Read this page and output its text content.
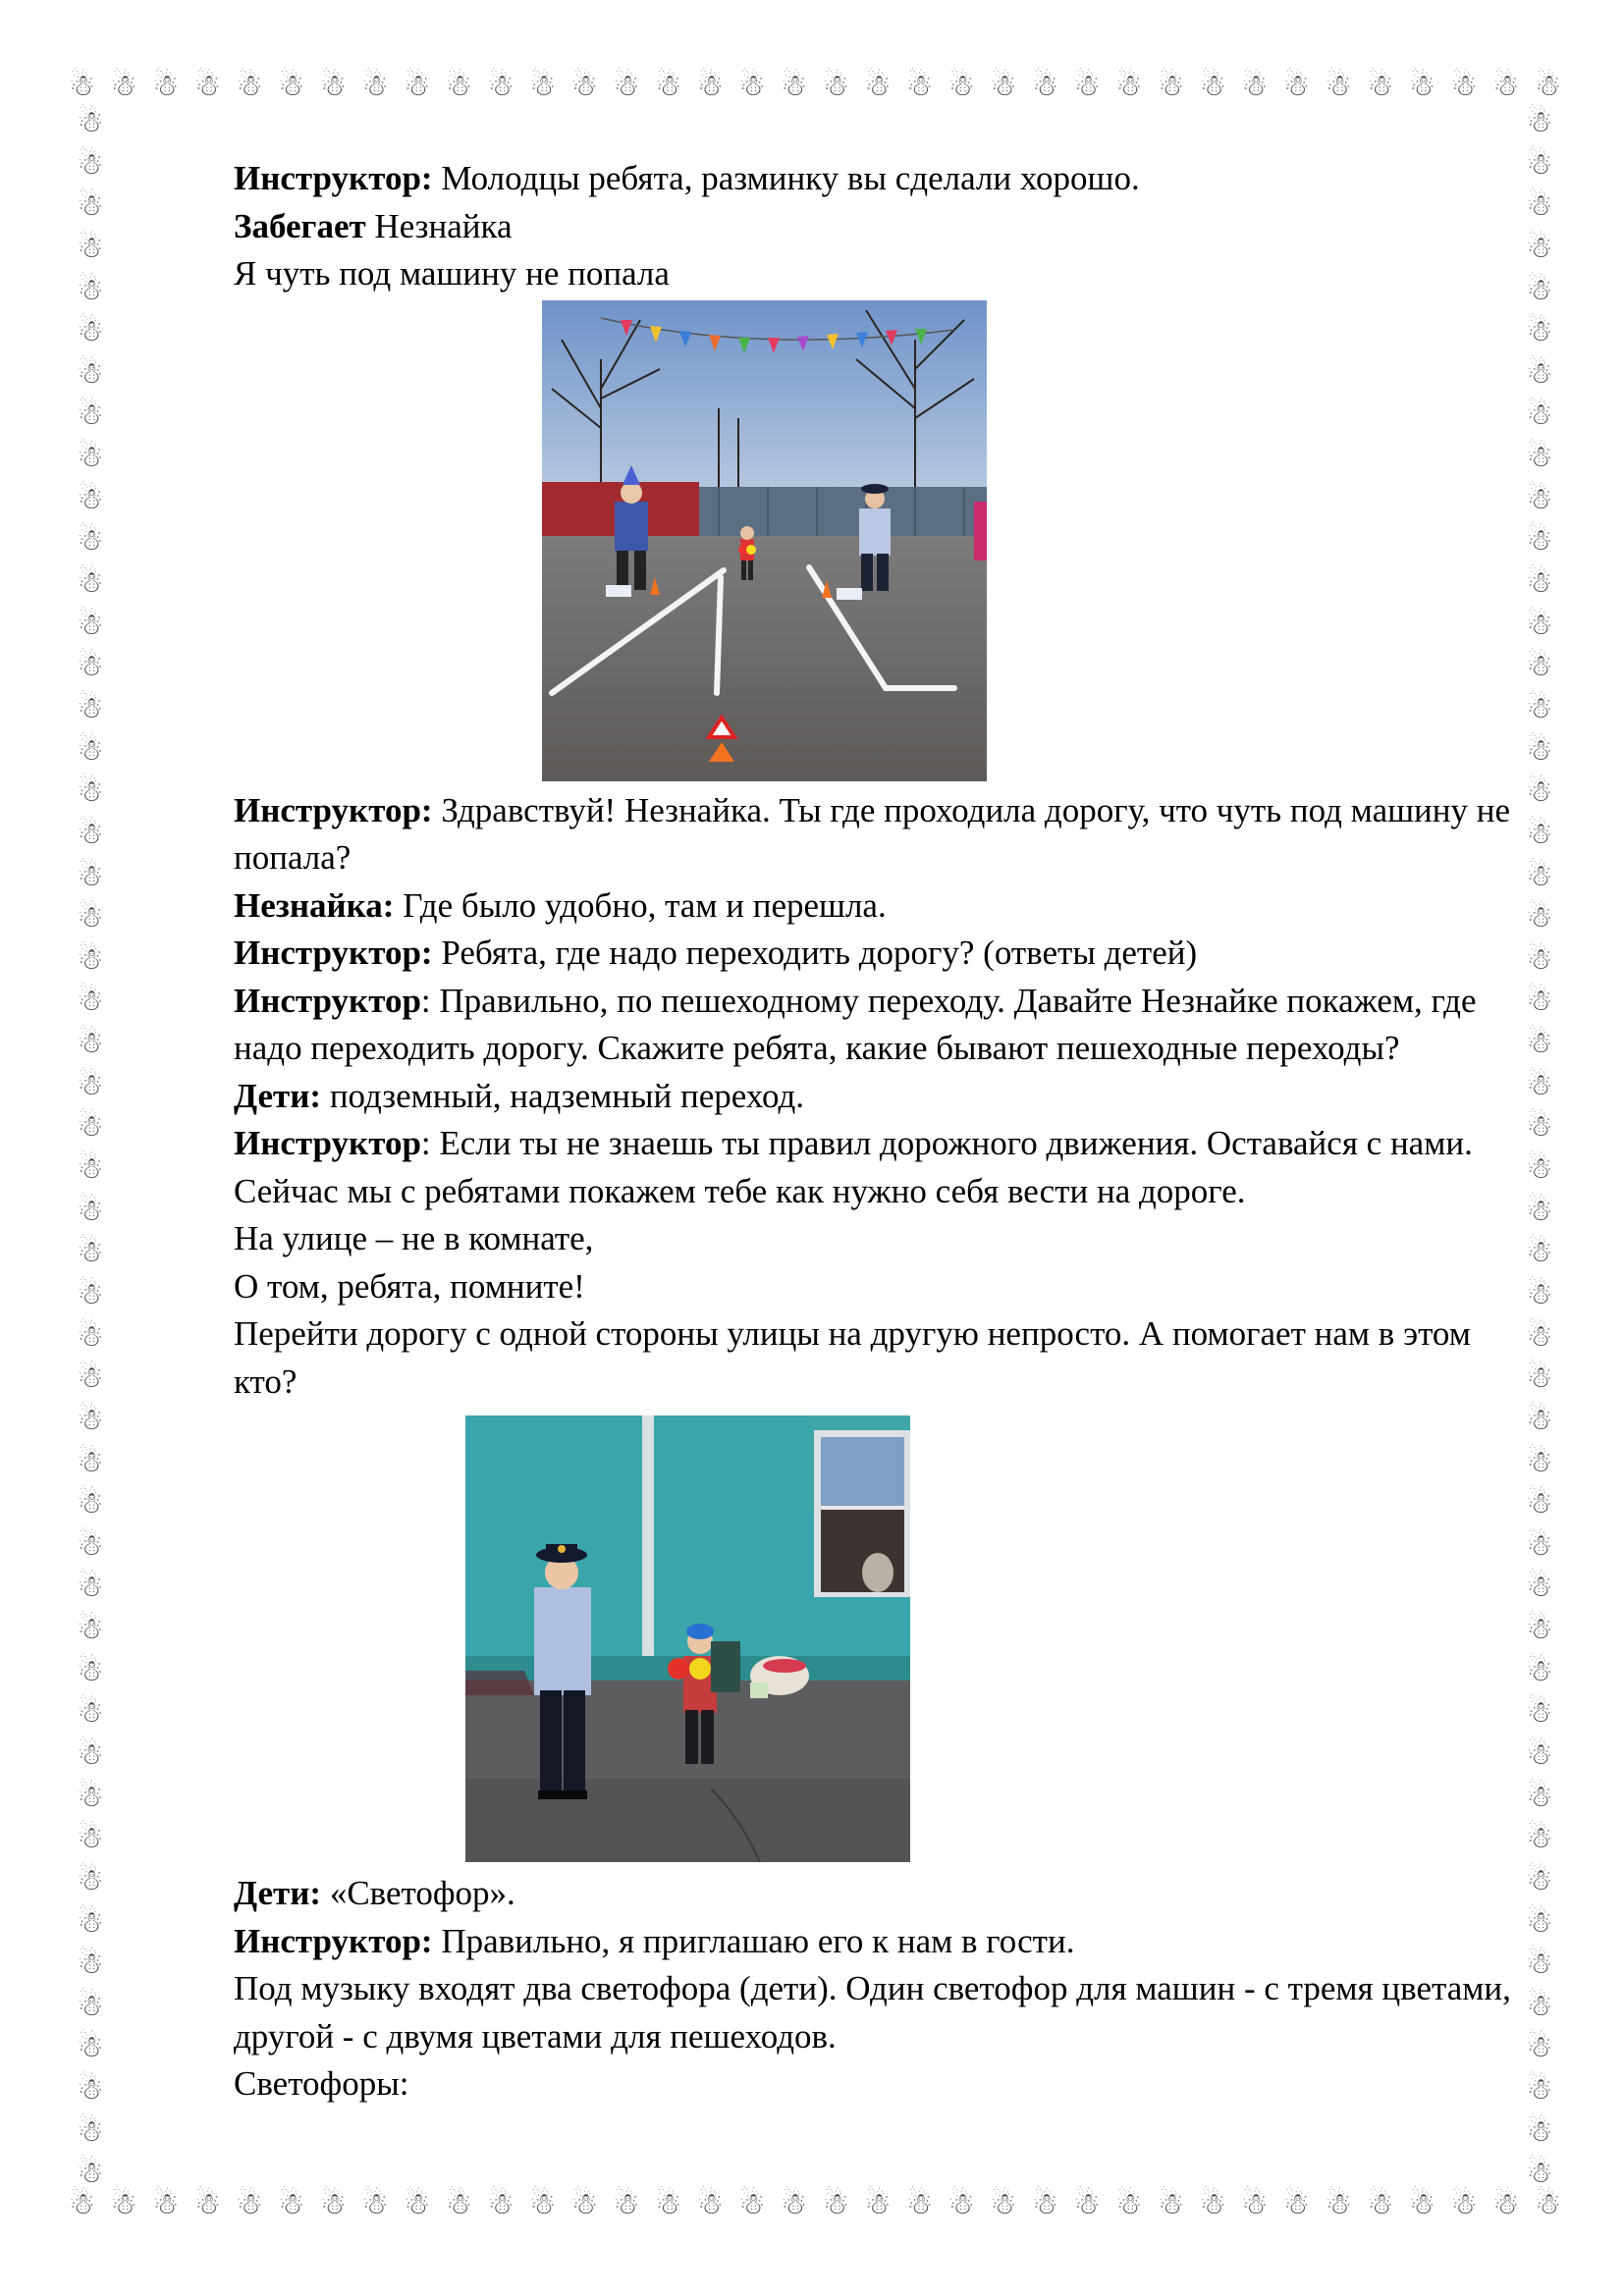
☃ ☃ ☃ ☃ ☃ ☃ ☃ ☃ ☃ ☃ ☃ ☃ ☃ ☃ ☃ ☃ ☃ ☃ ☃ ☃ ☃ ☃ ☃ ☃ ☃ ☃ ☃ ☃ ☃ ☃ ☃ ☃ ☃ ☃ ☃ ☃
☃ ☃ ☃ ☃ ☃ ☃ ☃ ☃ ☃ ☃ ☃ ☃ ☃ ☃ ☃ ☃ ☃ ☃ ☃ ☃ ☃ ☃ ☃ ☃ ☃ ☃ ☃ ☃ ☃ ☃ ☃ ☃ ☃ ☃ ☃ ☃
☃
☃
☃
☃
☃
☃
☃
☃
☃
☃
☃
☃
☃
☃
☃
☃
☃
☃
☃
☃
☃
☃
☃
☃
☃
☃
☃
☃
☃
☃
☃
☃
☃
☃
☃
☃
☃
☃
☃
☃
☃
☃
☃
☃
☃
☃
☃
☃
☃
☃
☃
☃
☃
☃
☃
☃
☃
☃
☃
☃
☃
☃
☃
☃
☃
☃
☃
☃
☃
☃
☃
☃
☃
☃
☃
☃
☃
☃
☃
☃
☃
☃
☃
☃
☃
☃
☃
☃
☃
☃
☃
☃
☃
☃
☃
☃
☃
☃
☃
☃

Инструктор: Молодцы ребята, разминку вы сделали хорошо.

Забегает Незнайка

Я чуть под машину не попала

Инструктор: Здравствуй! Незнайка. Ты где проходила дорогу, что чуть под машину не попала?

Незнайка: Где было удобно, там и перешла.

Инструктор: Ребята, где надо переходить дорогу? (ответы детей)

Инструктор: Правильно, по пешеходному переходу. Давайте Незнайке покажем, где надо переходить дорогу. Скажите ребята, какие бывают пешеходные переходы?

Дети: подземный, надземный переход.

Инструктор: Если ты не знаешь ты правил дорожного движения. Оставайся с нами. Сейчас мы с ребятами покажем тебе как нужно себя вести на дороге.

На улице – не в комнате,

О том, ребята, помните!

Перейти дорогу с одной стороны улицы на другую непросто. А помогает нам в этом кто?

Дети: «Светофор».

Инструктор: Правильно, я приглашаю его к нам в гости.

Под музыку входят два светофора (дети). Один светофор для машин - с тремя цветами, другой - с двумя цветами для пешеходов.

Светофоры:
